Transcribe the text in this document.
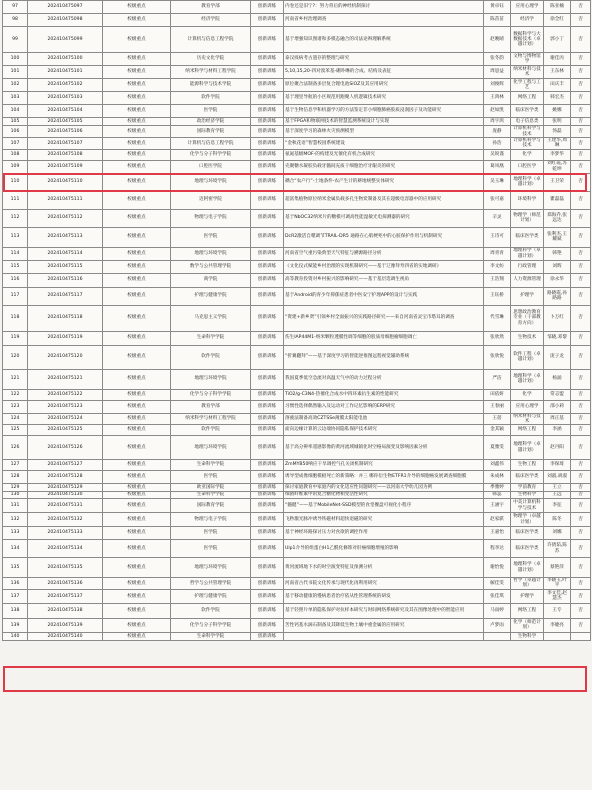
97	202410475097	校级重点	教育学部	创新训练	内卷还是旧宁?：努力背后的神经机制探讨	黄卓钰	应用心理学	陈亚楠	否
98	202410475098	校级重点	经济学院	创新训练	河南省乡村治理调查	陈苗苗	经济学	徐全红	否
99	202410475099	校级重点	计算机与信息工程学院	创新训练	基于增强知识图谱和多模态融合的司法论辩理解系统	赵晚晴	数据科学与大数据技术（卓越计划）	郭小丁	否
100	202410475100	校级重点	历史文化学院	创新训练	泰汉疫病考古遗存的整理与研究	张冬韵	文物与博物馆学	谢佳丙	否
101	202410475101	校级重点	纳米科学与材料工程学院	创新训练	5,10,15,20-四对溴苯基-硼卟啉的合成、结构及表征	周思益	纳米材料与技术	王东林	否
102	202410475102	校级重点	能源科学与技术学院	创新训练	原位聚合法制备多层复合锂电池SiOZ及其应用研究	刘俊辉	化学工程与工艺	田庆丰	否
103	202410475103	校级重点	软件学院	创新训练	基于理里导航的小区规范用跑聚人机逻辑技术研究	王鸿林	网络工程	韩宏杰	否
104	202410475104	校级重点	医学院	创新训练	基于生物信息学和机器学习的方法鉴定非小细胞肺癌胶质浸润因子及功能研究	赵如凯	临床医学类	姚娜	否
105	202410475105	校级重点	政治经济学院	创新训练	基于FPGA和物联网技术的智慧监测系统设计与实现	周宇鸿	电子信息类	张明	否
106	202410475106	校级重点	国际教育学院	创新训练	基于深度学习的森林火灾预测模型	庞静	计算机科学与技术	汤磊	否
107	202410475107	校级重点	计算机与信息工程学院	创新训练	“金秋花语”智慧校园系统建设	孙浩	计算机科学与技术	王建华,周琳	否
108	202410475108	校级重点	化学与分子科学学院	创新训练	氨氮基级MOF-的构建及光催化有机合成研究	吴锐谨	化学	李梦华	否
109	202410475109	校级重点	口腔医学院	创新训练	壳聚糖水凝胶负载牙髓间充质干细胞治疗牙龈炎的研究	葛凤凰	口腔医学	刘红霞,苏乾坤	否
110	202410475110	校级重点	地理与环境学院	创新训练	耦合“农户行”-土地条件-农产生计的耕地统整实体研究	吴玉琳	地理科学（卓越计划）	王卫荣	否
111	202410475111	校级重点	迈阿密学院	创新训练	超富集植物原位纳米金属负载多孔生物炭制备及其在超级电容器中的应用研究	张可嘉	环境科学	瞿磊磊	否
112	202410475112	校级重点	物理与电子学院	创新训练	基于NbOC32纳米片的糖模可调高性能湿敏光电探测器的研究	辛灵	物理学（师范计划）	郑海乔,张远达	否
113	202410475113	校级重点	医学院	创新训练	DcR2激活自噬调节TRAIL-DR5 通路在心肌梗死中的心脏保护作用与机制研究	王诗可	临床医学类	张利杰,王耀斌	否
114	202410475114	校级重点	地理与环境学院	创新训练	河南省空气重污染典型天气特征与溯源路径分析	周青青	地理科学（卓越计划）	韩艳	否
115	202410475115	校级重点	数学与公共管理学院	创新训练	《文化仪式赋能乡村治理的实现机制研究——基于辽豫拜寿四省的实地调研》	李文纺	行政管理	刘辉	否
116	202410475116	校级重点	商学院	创新训练	高等教育投资对乡村振兴的影响研究——基于基层选调生视角	王浩翔	人力资源管理	徐永华	否
117	202410475117	校级重点	护理与健康学院	创新训练	基于Android的青少年抑郁症患者中医安宁护理APP的设计与实践	王钰桥	护理学	路晓霞,孙路路	否
118	202410475118	校级重点	马克思主义学院	创新训练	“资建+新乡贤”引领乡村全面振兴的实践路径研究——来自河南省灵宝市塔耳的调查	代雪琳	思想政治教育专业（干部教育方向）	卜万红	否
119	202410475119	校级重点	生命科学学院	创新训练	伤生IAP44M1-纳米颗粒透膜性调等细胞的股质母细胞瘤细胞调亡	张欣然	生物技术	邹晓,邓黎	否
120	202410475120	校级重点	软件学院	创新训练	“折翼翻拜”——基于深度学习的智能逆推图远程视觉辅助系统	张欣悦	软件工程（卓越计划）	庞子龙	否
121	202410475121	校级重点	地理与环境学院	创新训练	我国夏季低空急流对高温天气中的动力过程分析	严洁	地理科学（卓越计划）	杨涌	否
122	202410475122	校级重点	化学与分子科学学院	创新训练	TiO2/g-C3N4-热催化合成水中四环素抗生素的性能研究	田依妍	化学	常志盟	否
123	202410475123	校级重点	教育学部	创新训练	习惯性选择偶然输入及运动对工作记忆影响的ERP研究	王春丽	应用心理学	邵小莉	否
124	202410475124	校级重点	纳米科学与材料工程学院	创新训练	溶液法制备高效CZTSSe薄膜太阳能电池	王蓓	纳米材料与技术	周正基	否
125	202410475125	校级重点	软件学院	创新训练	面向边缘计算的云边端协同隐私保护技术研究	金其颖	网络工程	李涵	否
126	202410475126	校级重点	地理与环境学院	创新训练	基于高分辨率遥感影像的黄河流域城镇化时空格局演变及影响因素分析	夏雅雯	地理科学（卓越计划）	赵丹阳	否
127	202410475127	校级重点	生命科学学院	创新训练	ZmMYB50响应干旱调控气孔关闭机制研究	刘鑫伟	生物工程	李保琦	否
128	202410475128	校级重点	医学院	创新训练	诱导型成像细胞模板死亡的新策略：并三 哪你衍生物ETFR1介导的细胞癌发展调查细胞膜	朱成林	临床医学类	刘淑,胡淑	否
129	202410475129	校级重点	欧亚国际学院	创新训练	探讨家庭教育中家庭内的文化适应性问题研究——以河南大学幼儿园为例	季雅婷	学前教育	王立	否
130	202410475130	校级重点	生命科学学院	创新训练	细菌纤维素中的复合糖化物相变活性研究	韩蕊	生物科学	王远	否
131	202410475131	校级重点	国际教育学院	创新训练	“髓健”——基于MobileNet-SSD模型的食堂餐盘可视化小程序	王涵宇	中美计算机科学与技术	李征	否
132	202410475132	校级重点	物理与电子学院	创新训练	飞秒激光脉冲诱导铁磁材料超快退磁的研究	赵家骐	物理学（卓越计划）	陈冬	否
133	202410475133	校级重点	医学院	创新训练	基于神经环路探讨压力对食欲的调控作用	王嘉怡	临床医学类	刘娜	否
134	202410475134	校级重点	医学院	创新训练	Ulp1介导的组蛋白H1乙酰化修饰对肝癌细胞增殖的影响	程李达	临床医学类	许倩茹,陈苏	否
135	202410475135	校级重点	地理与环境学院	创新训练	黄河流域地下水的时空演变特征及预测分析	谢怡悦	地理科学（卓越计划）	蔡艳萍	否
136	202410475136	校级重点	哲学与公共管理学院	创新训练	河南省古代书院文化传承与现代化再利用研究	解佳雯	哲学（卓越计划）	李晓玉,叶平	否
137	202410475137	校级重点	护理与健康学院	创新训练	基于移动健康的慢病患者治疗依从性管理系统的研发	张佳琪	护理学	李文佳,赵慧杰	否
138	202410475138	校级重点	软件学院	创新训练	基于轻照片单的隐私保护对抗样本研究与时间网络系统研究及其在图像处理中的智能应用	马雨婷	网络工程	王专	否
139	202410475139	校级重点	化学与分子科学学院	创新训练	苦性钙基水滴石制备及其降低生物土壤中重金属的应用研究	卢梦雨	化学（师范计划）	李婕亮	否
140	202410475140	校级重点	生命科学学院	创新训练			生物科学		
